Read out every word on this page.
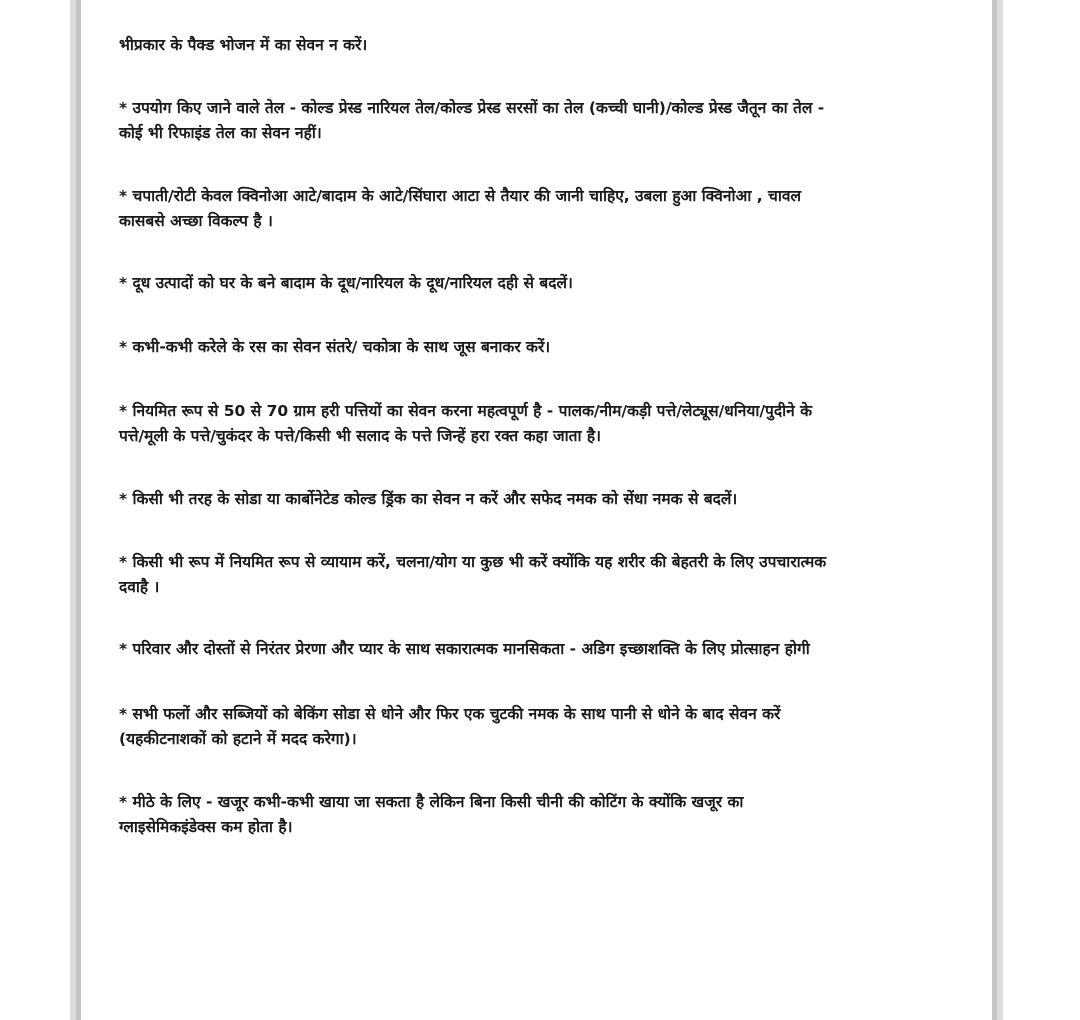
भीप्रकार के पैक्ड भोजन में का सेवन न करें।

* उपयोग किए जाने वाले तेल - कोल्ड प्रेस्ड नारियल तेल/कोल्ड प्रेस्ड सरसों का तेल (कच्ची घानी)/कोल्ड प्रेस्ड जैतून का तेल -
कोई भी रिफाइंड तेल का सेवन नहीं।

* चपाती/रोटी केवल क्विनोआ आटे/बादाम के आटे/सिंघारा आटा से तैयार की जानी चाहिए, उबला हुआ क्विनोआ , चावल
कासबसे अच्छा विकल्प है ।

* दूध उत्पादों को घर के बने बादाम के दूध/नारियल के दूध/नारियल दही से बदलें।

* कभी-कभी करेले के रस का सेवन संतरे/ चकोत्रा के साथ जूस बनाकर करें।

* नियमित रूप से 50 से 70 ग्राम हरी पत्तियों का सेवन करना महत्वपूर्ण है - पालक/नीम/कड़ी पत्ते/लेट्यूस/धनिया/पुदीने के
पत्ते/मूली के पत्ते/चुकंदर के पत्ते/किसी भी सलाद के पत्ते जिन्हें हरा रक्त कहा जाता है।

* किसी भी तरह के सोडा या कार्बोनेटेड कोल्ड ड्रिंक का सेवन न करें और सफेद नमक को सेंधा नमक से बदलें।

* किसी भी रूप में नियमित रूप से व्यायाम करें, चलना/योग या कुछ भी करें क्योंकि यह शरीर की बेहतरी के लिए उपचारात्मक
दवाहै ।

* परिवार और दोस्तों से निरंतर प्रेरणा और प्यार के साथ सकारात्मक मानसिकता - अडिग इच्छाशक्ति के लिए प्रोत्साहन होगी

* सभी फलों और सब्जियों को बेकिंग सोडा से धोने और फिर एक चुटकी नमक के साथ पानी से धोने के बाद सेवन करें
(यहकीटनाशकों को हटाने में मदद करेगा)।

* मीठे के लिए - खजूर कभी-कभी खाया जा सकता है लेकिन बिना किसी चीनी की कोटिंग के क्योंकि खजूर का
ग्लाइसेमिकइंडेक्स कम होता है।
